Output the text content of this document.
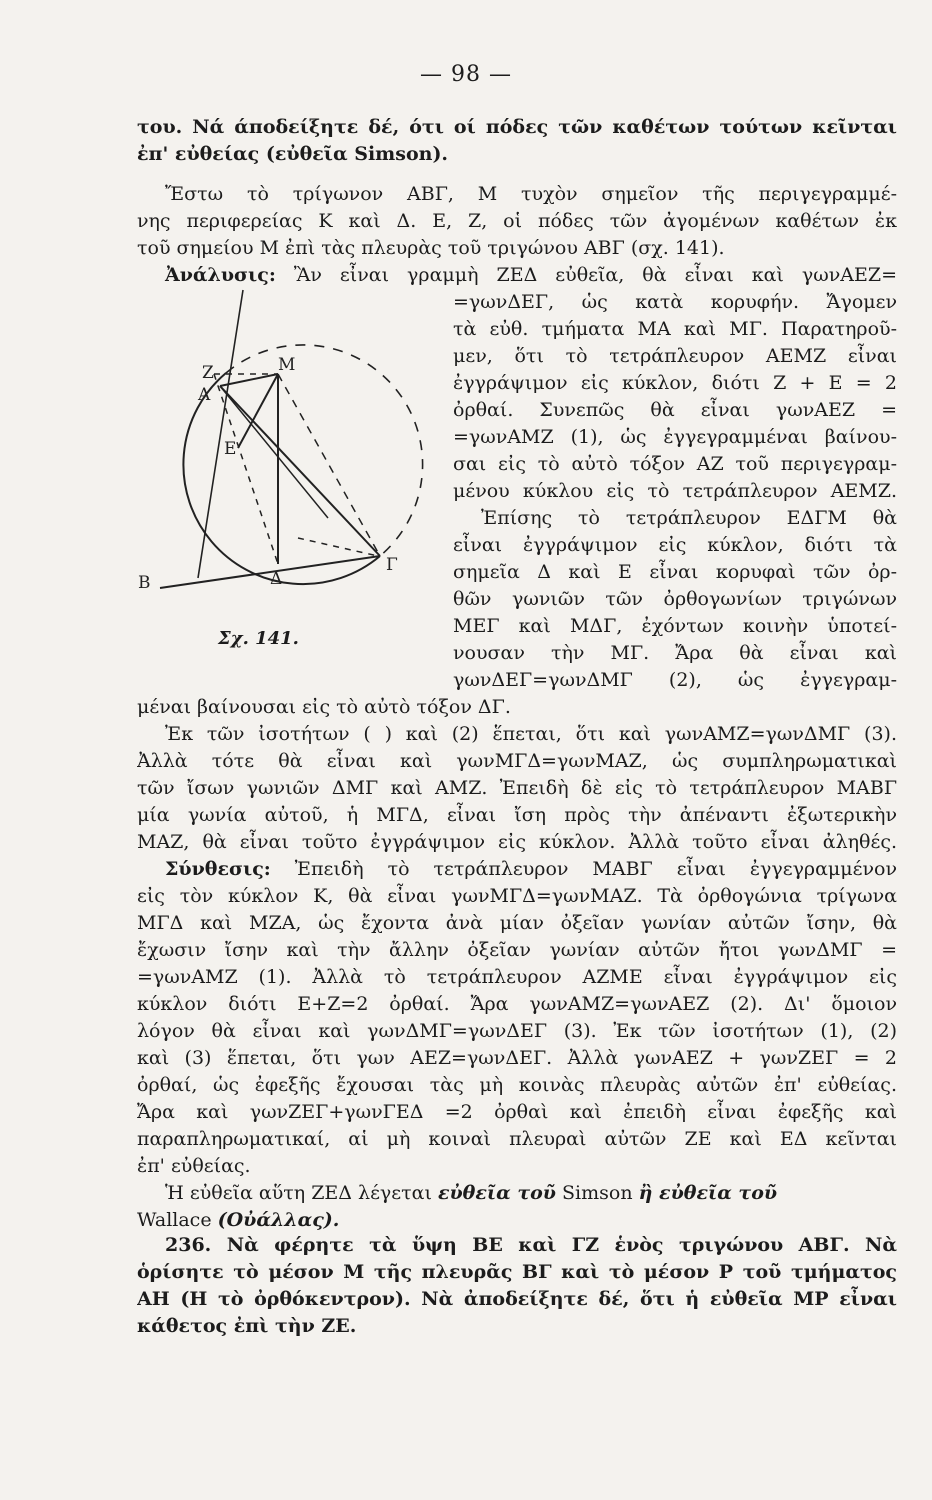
— 98 —
του. Νά άποδείξητε δέ, ότι οί πόδες τῶν καθέτων τούτων κεῖνται
ἐπ' εὐθείας (εὐθεῖα Simson).
Ἔστω τὸ τρίγωνον ΑΒΓ, Μ τυχὸν σημεῖον τῆς περιγεγραμμέ-
νης περιφερείας Κ καὶ Δ. Ε, Ζ, οἱ πόδες τῶν ἀγομένων καθέτων ἐκ
τοῦ σημείου Μ ἐπὶ τὰς πλευρὰς τοῦ τριγώνου ΑΒΓ (σχ. 141).
Ἀνάλυσις: Ἂν εἶναι γραμμὴ ΖΕΔ εὐθεῖα, θὰ εἶναι καὶ γωνΑΕΖ=
Ζ
Α
Μ
Ε
Δ
Γ
Β
Σχ. 141.
=γωνΔΕΓ, ὡς κατὰ κορυφήν. Ἄγομεν
τὰ εὐθ. τμήματα ΜΑ καὶ ΜΓ. Παρατηροῦ-
μεν, ὅτι τὸ τετράπλευρον ΑΕΜΖ εἶναι
ἐγγράψιμον εἰς κύκλον, διότι Ζ + Ε = 2
ὀρθαί. Συνεπῶς θὰ εἶναι γωνΑΕΖ =
=γωνΑΜΖ (1), ὡς ἐγγεγραμμέναι βαίνου-
σαι εἰς τὸ αὐτὸ τόξον ΑΖ τοῦ περιγεγραμ-
μένου κύκλου εἰς τὸ τετράπλευρον ΑΕΜΖ.
Ἐπίσης τὸ τετράπλευρον ΕΔΓΜ θὰ
εἶναι ἐγγράψιμον εἰς κύκλον, διότι τὰ
σημεῖα Δ καὶ Ε εἶναι κορυφαὶ τῶν ὀρ-
θῶν γωνιῶν τῶν ὀρθογωνίων τριγώνων
ΜΕΓ καὶ ΜΔΓ, ἐχόντων κοινὴν ὑποτεί-
νουσαν τὴν ΜΓ. Ἄρα θὰ εἶναι καὶ
γωνΔΕΓ=γωνΔΜΓ (2), ὡς ἐγγεγραμ-
μέναι βαίνουσαι εἰς τὸ αὐτὸ τόξον ΔΓ.
Ἐκ τῶν ἰσοτήτων ( ) καὶ (2) ἕπεται, ὅτι καὶ γωνΑΜΖ=γωνΔΜΓ (3).
Ἀλλὰ τότε θὰ εἶναι καὶ γωνΜΓΔ=γωνΜΑΖ, ὡς συμπληρωματικαὶ
τῶν ἴσων γωνιῶν ΔΜΓ καὶ ΑΜΖ. Ἐπειδὴ δὲ εἰς τὸ τετράπλευρον ΜΑΒΓ
μία γωνία αὐτοῦ, ἡ ΜΓΔ, εἶναι ἴση πρὸς τὴν ἀπέναντι ἐξωτερικὴν
ΜΑΖ, θὰ εἶναι τοῦτο ἐγγράψιμον εἰς κύκλον. Ἀλλὰ τοῦτο εἶναι ἀληθές.
Σύνθεσις: Ἐπειδὴ τὸ τετράπλευρον ΜΑΒΓ εἶναι ἐγγεγραμμένον
εἰς τὸν κύκλον Κ, θὰ εἶναι γωνΜΓΔ=γωνΜΑΖ. Τὰ ὀρθογώνια τρίγωνα
ΜΓΔ καὶ ΜΖΑ, ὡς ἔχοντα ἀνὰ μίαν ὀξεῖαν γωνίαν αὐτῶν ἴσην, θὰ
ἔχωσιν ἴσην καὶ τὴν ἄλλην ὀξεῖαν γωνίαν αὐτῶν ἤτοι γωνΔΜΓ =
=γωνΑΜΖ (1). Ἀλλὰ τὸ τετράπλευρον ΑΖΜΕ εἶναι ἐγγράψιμον εἰς
κύκλον διότι Ε+Ζ=2 ὀρθαί. Ἄρα γωνΑΜΖ=γωνΑΕΖ (2). Δι' ὅμοιον
λόγον θὰ εἶναι καὶ γωνΔΜΓ=γωνΔΕΓ (3). Ἐκ τῶν ἰσοτήτων (1), (2)
καὶ (3) ἕπεται, ὅτι γων ΑΕΖ=γωνΔΕΓ. Ἀλλὰ γωνΑΕΖ + γωνΖΕΓ = 2
ὀρθαί, ὡς ἐφεξῆς ἔχουσαι τὰς μὴ κοινὰς πλευρὰς αὐτῶν ἐπ' εὐθείας.
Ἄρα καὶ γωνΖΕΓ+γωνΓΕΔ =2 ὀρθαὶ καὶ ἐπειδὴ εἶναι ἐφεξῆς καὶ
παραπληρωματικαί, αἱ μὴ κοιναὶ πλευραὶ αὐτῶν ΖΕ καὶ ΕΔ κεῖνται
ἐπ' εὐθείας.
Ἡ εὐθεῖα αὕτη ΖΕΔ λέγεται εὐθεῖα τοῦ Simson ἢ εὐθεῖα τοῦ
Wallace (Οὐάλλας).
236. Νὰ φέρητε τὰ ὕψη ΒΕ καὶ ΓΖ ἑνὸς τριγώνου ΑΒΓ. Νὰ
ὁρίσητε τὸ μέσον Μ τῆς πλευρᾶς ΒΓ καὶ τὸ μέσον Ρ τοῦ τμήματος
ΑΗ (Η τὸ ὀρθόκεντρον). Νὰ ἀποδείξητε δέ, ὅτι ἡ εὐθεῖα ΜΡ εἶναι
κάθετος ἐπὶ τὴν ΖΕ.
